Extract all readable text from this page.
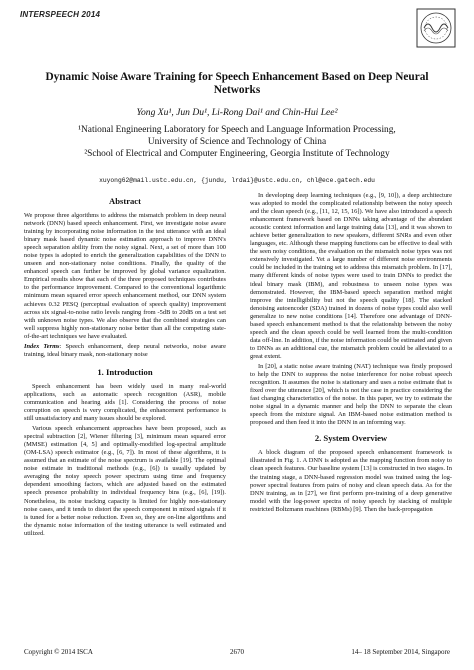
INTERSPEECH 2014
Dynamic Noise Aware Training for Speech Enhancement Based on Deep Neural Networks
Yong Xu¹, Jun Du¹, Li-Rong Dai¹ and Chin-Hui Lee²
¹National Engineering Laboratory for Speech and Language Information Processing,
University of Science and Technology of China
²School of Electrical and Computer Engineering, Georgia Institute of Technology
xuyong62@mail.ustc.edu.cn, {jundu, lrdai}@ustc.edu.cn, chl@ece.gatech.edu
Abstract

We propose three algorithms to address the mismatch problem in deep neural network (DNN) based speech enhancement. First, we investigate noise aware training by incorporating noise information in the test utterance with an ideal binary mask based dynamic noise estimation approach to improve DNN's speech separation ability from the noisy signal. Next, a set of more than 100 noise types is adopted to enrich the generalization capabilities of the DNN to unseen and non-stationary noise conditions. Finally, the quality of the enhanced speech can further be improved by global variance equalization. Empirical results show that each of the three proposed techniques contributes to the performance improvement. Compared to the conventional logarithmic minimum mean squared error speech enhancement method, our DNN system achieves 0.32 PESQ (perceptual evaluation of speech quality) improvement across six signal-to-noise ratio levels ranging from -5dB to 20dB on a test set with unknown noise types. We also observe that the combined strategies can well suppress highly non-stationary noise better than all the competing state-of-the-art techniques we have evaluated.

Index Terms: Speech enhancement, deep neural networks, noise aware training, ideal binary mask, non-stationary noise

1. Introduction

Speech enhancement has been widely used in many real-world applications, such as automatic speech recognition (ASR), mobile communication and hearing aids [1]. Considering the process of noise corruption on speech is very complicated, the enhancement performance is still unsatisfactory and many issues should be explored.

Various speech enhancement approaches have been proposed, such as spectral subtraction [2], Wiener filtering [3], minimum mean squared error (MMSE) estimation [4, 5] and optimally-modified log-spectral amplitude (OM-LSA) speech estimator (e.g., [6, 7]). In most of these algorithms, it is assumed that an estimate of the noise spectrum is available [19]. The optimal noise estimate in traditional methods (e.g., [6]) is usually updated by averaging the noisy speech power spectrum using time and frequency dependent smoothing factors, which are adjusted based on the estimated speech presence probability in individual frequency bins (e.g., [6], [19]). Nonetheless, its noise tracking capacity is limited for highly non-stationary noise cases, and it tends to distort the speech component in mixed signals if it is tuned for a better noise reduction. Even so, they are on-line algorithms and the dynamic noise information of the testing utterance is well estimated and utilized.

In developing deep learning techniques (e.g., [9, 10]), a deep architecture was adopted to model the complicated relationship between the noisy speech and the clean speech (e.g., [11, 12, 15, 16]). We have also introduced a speech enhancement framework based on DNNs taking advantage of the abundant acoustic context information and large training data [13], and it was shown to achieve better generalization to new speakers, different SNRs and even other languages, etc. Although these mapping functions can be effective to deal with the seen noisy conditions, the evaluation on the mismatch noise types was not extensively investigated. Yet a large number of different noise environments could be included in the training set to address this mismatch problem. In [17], many different kinds of noise types were used to train DNNs to predict the ideal binary mask (IBM), and robustness to unseen noise types was demonstrated. However, the IBM-based speech separation method might improve the intelligibility but not the speech quality [18]. The stacked denoising autoencoder (SDA) trained in dozens of noise types could also well generalize to new noise conditions [14]. Therefore one advantage of DNN-based speech enhancement method is that the relationship between the noisy speech and the clean speech could be well learned from the multi-condition data off-line. In addition, if the noise information could be estimated and given to DNNs as an additional cue, the mismatch problem could be alleviated to a great extent.

In [20], a static noise aware training (NAT) technique was firstly proposed to help the DNN to suppress the noise interference for noise robust speech recognition. It assumes the noise is stationary and uses a noise estimate that is fixed over the utterance [20], which is not the case in practice considering the fast changing characteristics of the noise. In this paper, we try to estimate the noise signal in a dynamic manner and help the DNN to separate the clean speech from the mixture signal. An IBM-based noise estimation method is proposed and then feed it into the DNN in an informing way.

2. System Overview

A block diagram of the proposed speech enhancement framework is illustrated in Fig. 1. A DNN is adopted as the mapping function from noisy to clean speech features. Our baseline system [13] is constructed in two stages. In the training stage, a DNN-based regression model was trained using the log-power spectral features from pairs of noisy and clean speech data. As for the DNN training, as in [27], we first perform pre-training of a deep generative model with the log-power spectra of noisy speech by stacking of multiple restricted Boltzmann machines (RBMs) [9]. Then the back-propagation

Copyright © 2014 ISCA	2670	14– 18 September 2014, Singapore
